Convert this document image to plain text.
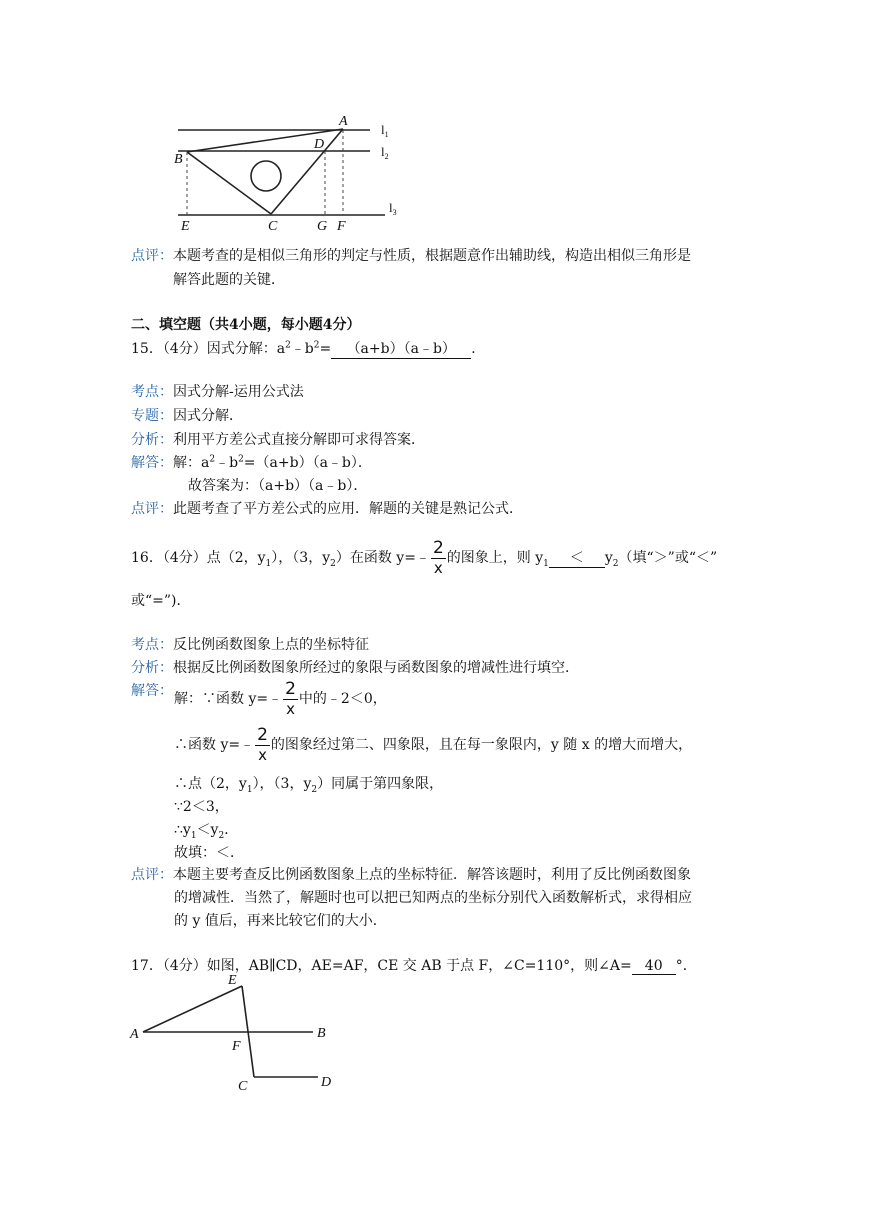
A
B
D
E	C	G F
$l_1$
$l_2$
$l_3$
点评：本题考查的是相似三角形的判定与性质，根据题意作出辅助线，构造出相似三角形是
解答此题的关键．
二、填空题（共4小题，每小题4分）
15．（4分）因式分解：$a^2﹣b^2=$ （a+b）（a﹣b） ．
考点：因式分解-运用公式法
专题：因式分解．
分析：利用平方差公式直接分解即可求得答案．
解答：解：$a^2﹣b^2=(a+b)(a﹣b)$．
故答案为：（a+b）（a﹣b）．
点评：此题考查了平方差公式的应用．解题的关键是熟记公式．
16．（4分）点（2，$y_1$），（3，$y_2$）在函数 y=﹣ $\frac{2}{x}$ 的图象上，则 $y_1 < y_2$（填“＞”或“＜”
或“=”)．
考点：反比例函数图象上点的坐标特征
分析：根据反比例函数图象所经过的象限与函数图象的增减性进行填空．
解答： 解：∵函数 y=﹣ $\frac{2}{x}$ 中的﹣2＜0，
∴函数 y=﹣ $\frac{2}{x}$ 的图象经过第二、四象限，且在每一象限内，y 随 x 的增大而增大，
∴点（2，$y_1$），（3，$y_2$）同属于第四象限，
∵2＜3，
$\therefore y_1<y_2$．
故填：＜．
点评：本题主要考查反比例函数图象上点的坐标特征．解答该题时，利用了反比例函数图象
的增减性．当然了，解题时也可以把已知两点的坐标分别代入函数解析式，求得相应
的 y 值后，再来比较它们的大小．
17．（4分）如图，AB∥CD，AE=AF，CE 交 AB 于点 F，∠C=110°，则∠A= 40 °．
E
A	B
F
C	D
